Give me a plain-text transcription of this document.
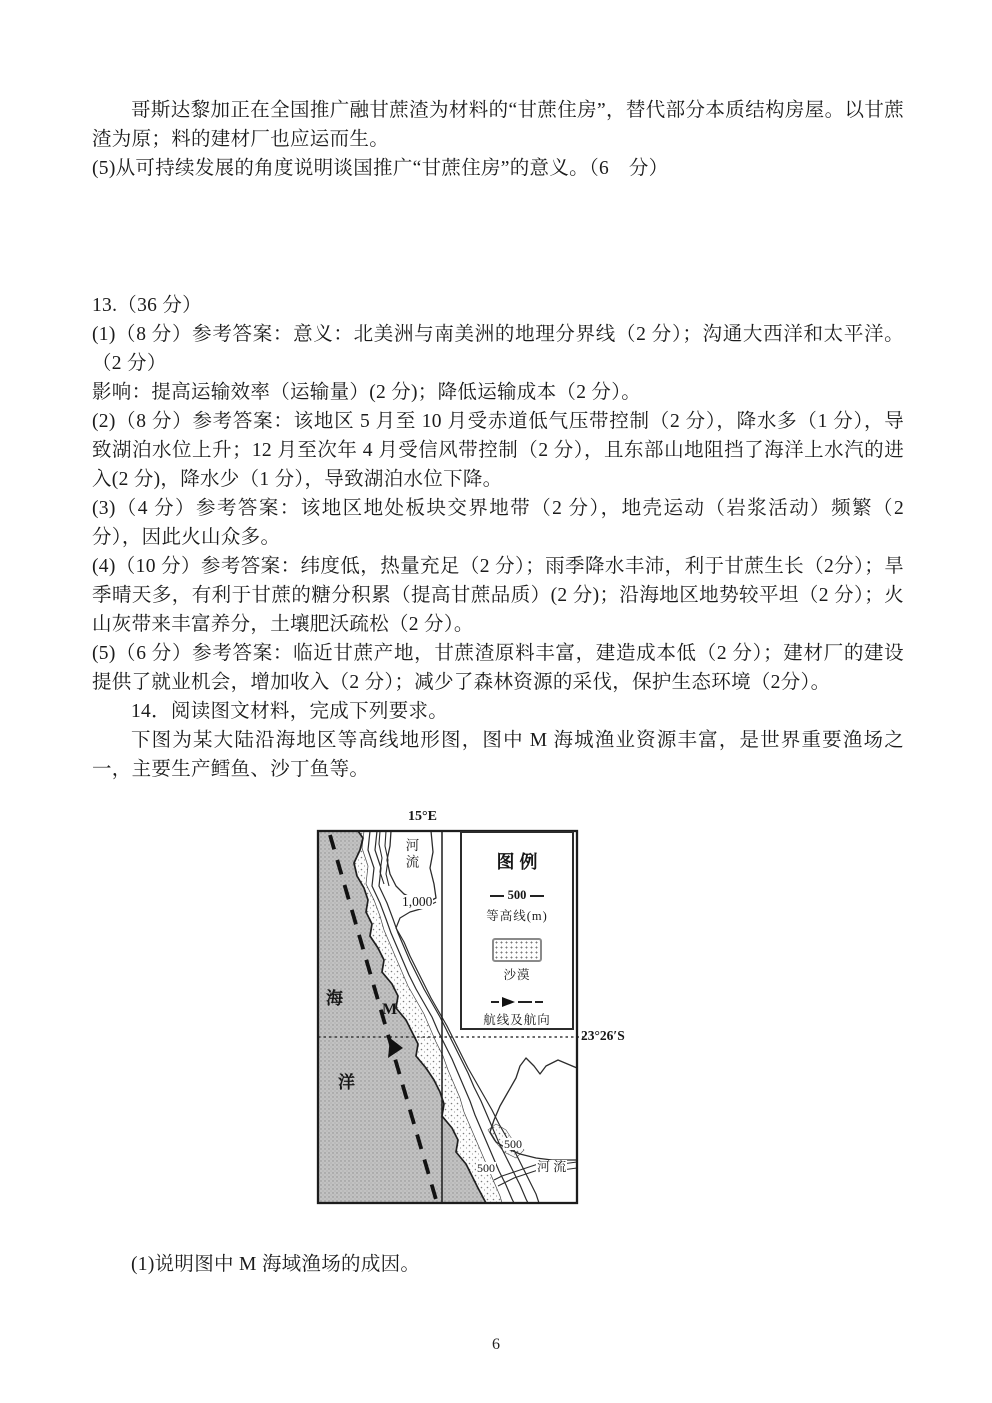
哥斯达黎加正在全国推广融甘蔗渣为材料的“甘蔗住房”，替代部分本质结构房屋。以甘蔗渣为原；料的建材厂也应运而生。

(5)从可持续发展的角度说明谈国推广“甘蔗住房”的意义。（6　分）

13.（36 分）

(1)（8 分）参考答案：意义：北美洲与南美洲的地理分界线（2 分）；沟通大西洋和太平洋。（2 分）

影响：提高运输效率（运输量）(2 分)；降低运输成本（2 分）。

(2)（8 分）参考答案：该地区 5 月至 10 月受赤道低气压带控制（2 分），降水多（1 分），导致湖泊水位上升；12 月至次年 4 月受信风带控制（2 分），且东部山地阻挡了海洋上水汽的进入(2 分)，降水少（1 分），导致湖泊水位下降。

(3)（4 分）参考答案：该地区地处板块交界地带（2 分），地壳运动（岩浆活动）频繁（2 分），因此火山众多。

(4)（10 分）参考答案：纬度低，热量充足（2 分）；雨季降水丰沛，利于甘蔗生长（2分）；旱季晴天多，有利于甘蔗的糖分积累（提高甘蔗品质）(2 分)；沿海地区地势较平坦（2 分）；火山灰带来丰富养分，土壤肥沃疏松（2 分）。

(5)（6 分）参考答案：临近甘蔗产地，甘蔗渣原料丰富，建造成本低（2 分）；建材厂的建设提供了就业机会，增加收入（2 分）；减少了森林资源的采伐，保护生态环境（2分）。

14．阅读图文材料，完成下列要求。

下图为某大陆沿海地区等高线地形图，图中 M 海城渔业资源丰富，是世界重要渔场之一，主要生产鳕鱼、沙丁鱼等。

15°E
23°26′S
河流
1,000
海
洋
M
500
500	河 流
图例
500
等高线(m)
沙漠
航线及航向

(1)说明图中 M 海域渔场的成因。

6
